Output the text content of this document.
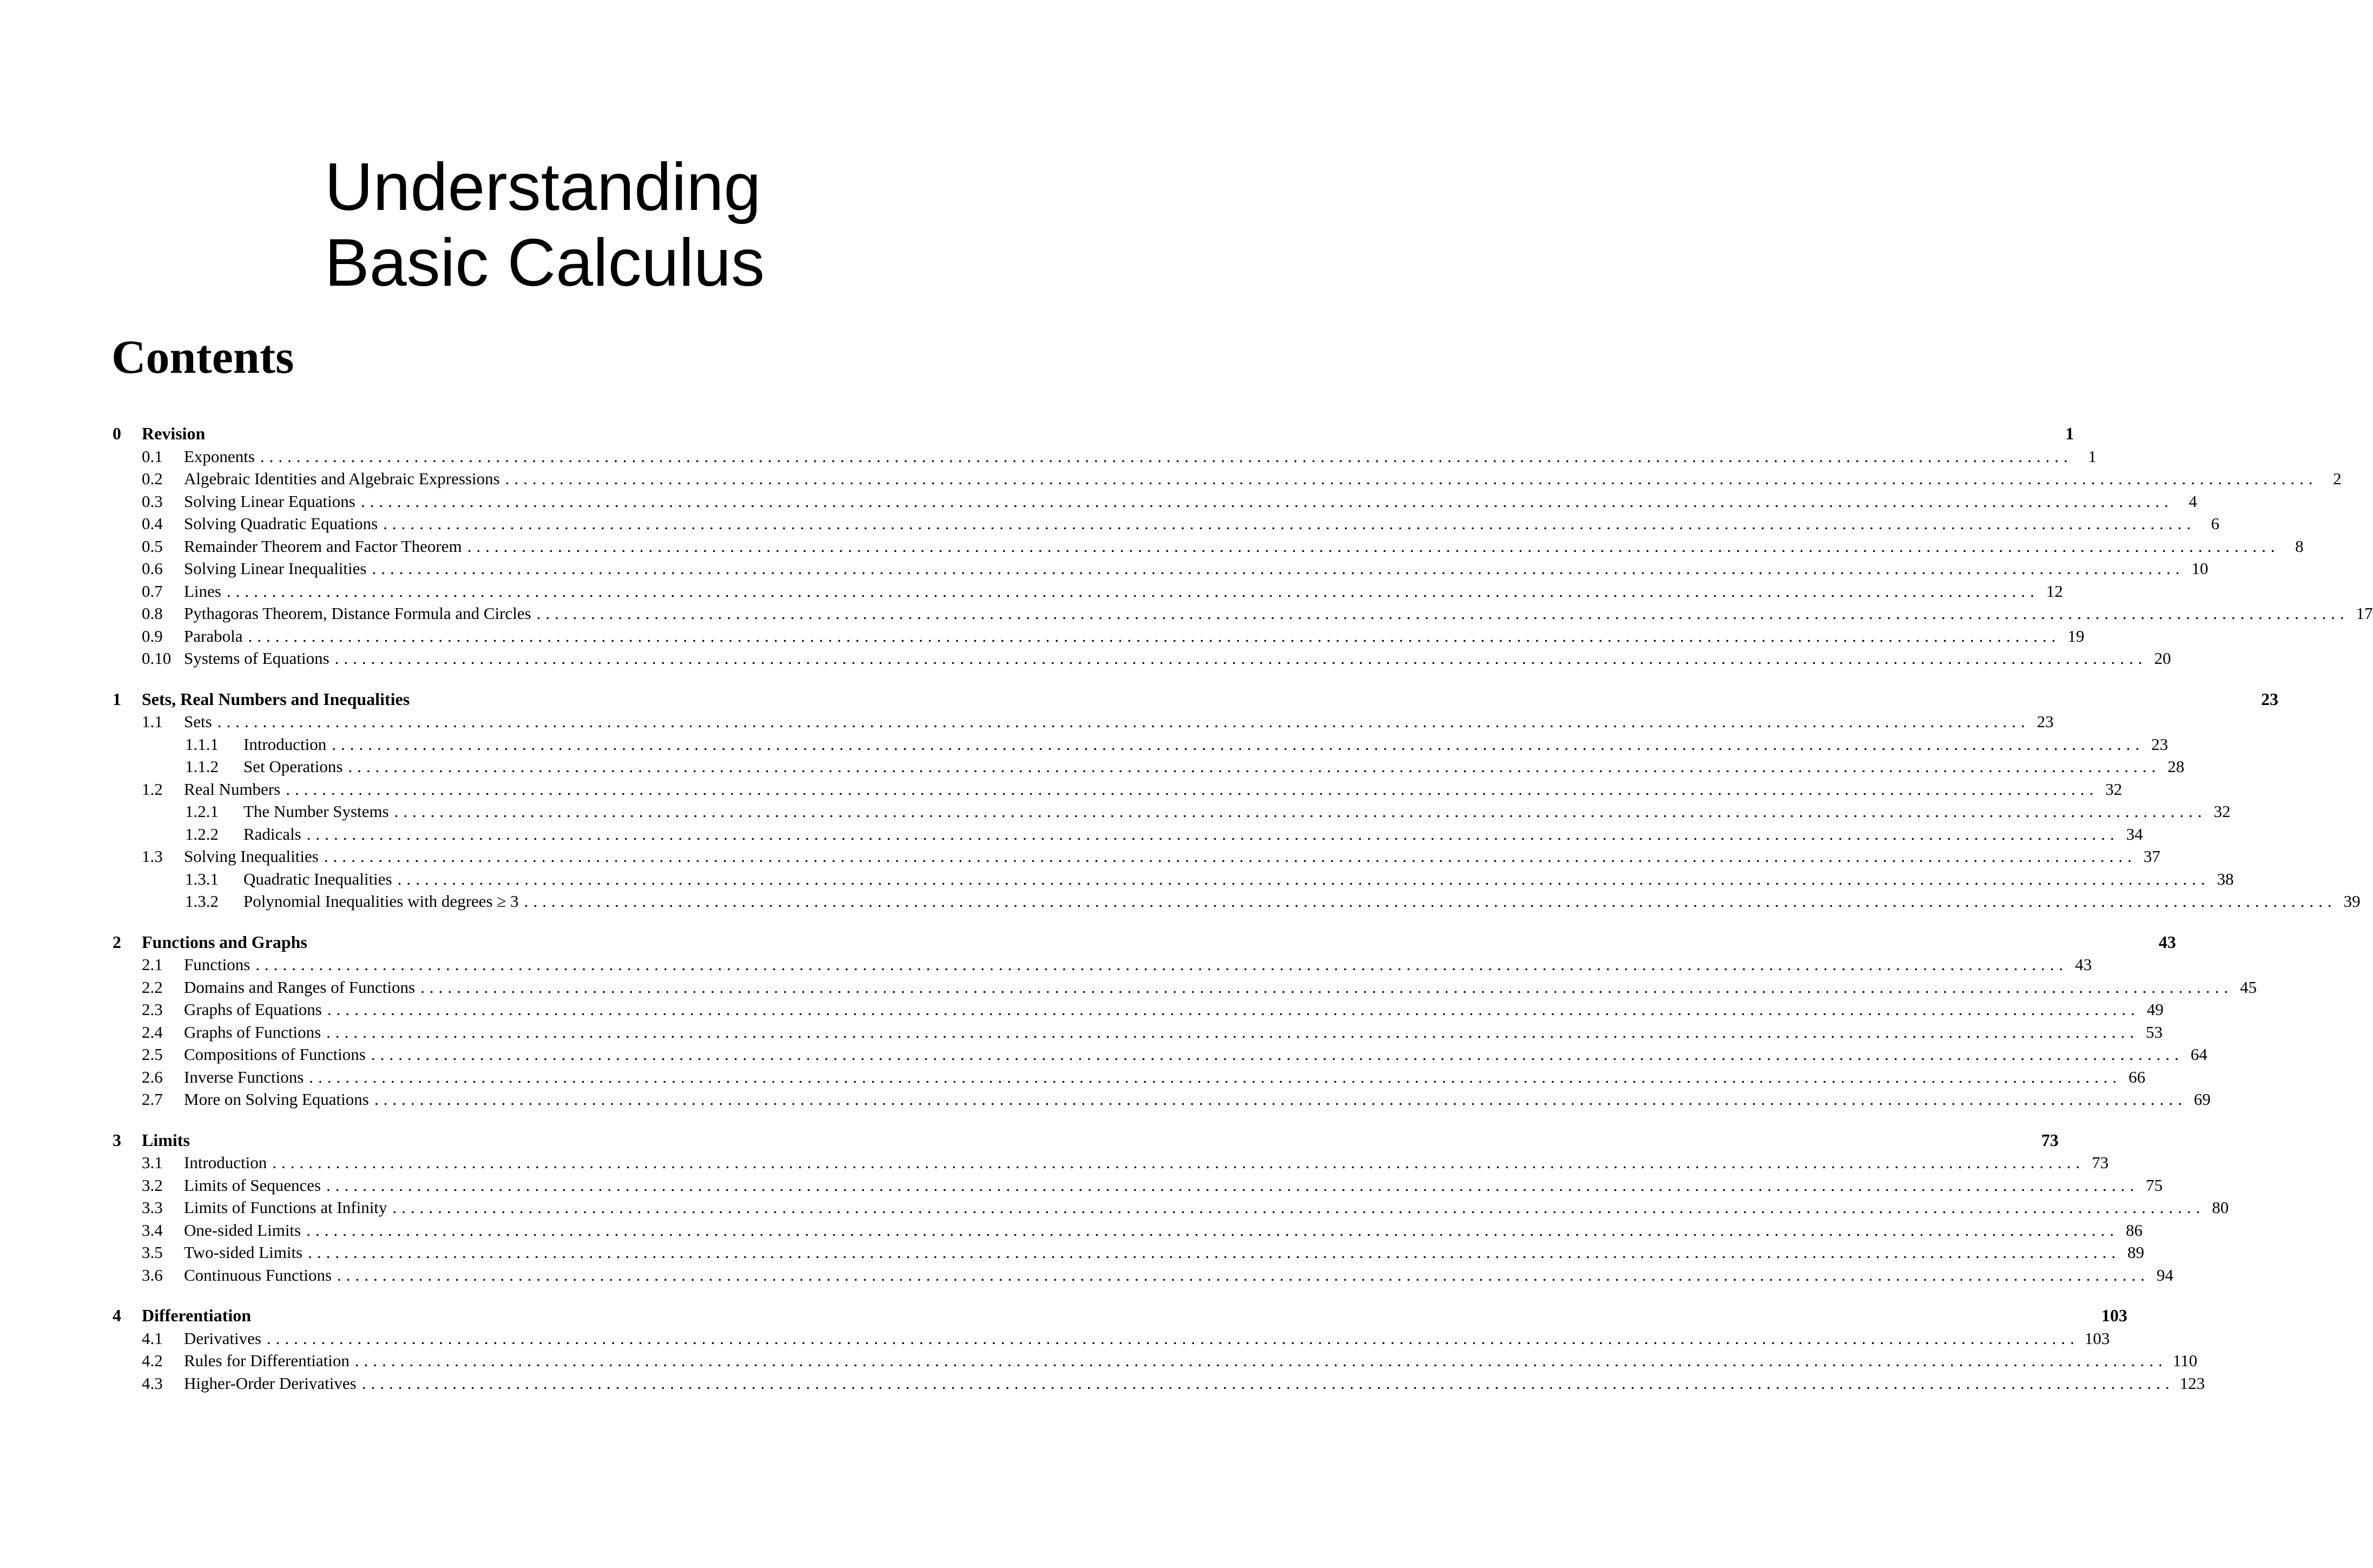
Understanding
Basic Calculus
Contents
0	Revision	1
0.1	Exponents ........................................................................................................................................................................................................ 1
0.2	Algebraic Identities and Algebraic Expressions ........................................................................................................................................................................................................ 2
0.3	Solving Linear Equations ........................................................................................................................................................................................................ 4
0.4	Solving Quadratic Equations ........................................................................................................................................................................................................ 6
0.5	Remainder Theorem and Factor Theorem ........................................................................................................................................................................................................ 8
0.6	Solving Linear Inequalities ........................................................................................................................................................................................................ 10
0.7	Lines ........................................................................................................................................................................................................ 12
0.8	Pythagoras Theorem, Distance Formula and Circles ........................................................................................................................................................................................................ 17
0.9	Parabola ........................................................................................................................................................................................................ 19
0.10 Systems of Equations ........................................................................................................................................................................................................ 20
1	Sets, Real Numbers and Inequalities	23
1.1	Sets ........................................................................................................................................................................................................ 23
1.1.1	Introduction ........................................................................................................................................................................................................ 23
1.1.2	Set Operations ........................................................................................................................................................................................................ 28
1.2	Real Numbers ........................................................................................................................................................................................................ 32
1.2.1	The Number Systems ........................................................................................................................................................................................................ 32
1.2.2	Radicals ........................................................................................................................................................................................................ 34
1.3	Solving Inequalities ........................................................................................................................................................................................................ 37
1.3.1	Quadratic Inequalities ........................................................................................................................................................................................................ 38
1.3.2	Polynomial Inequalities with degrees ≥ 3 ........................................................................................................................................................................................................ 39
2	Functions and Graphs	43
2.1	Functions ........................................................................................................................................................................................................ 43
2.2	Domains and Ranges of Functions ........................................................................................................................................................................................................ 45
2.3	Graphs of Equations ........................................................................................................................................................................................................ 49
2.4	Graphs of Functions ........................................................................................................................................................................................................ 53
2.5	Compositions of Functions ........................................................................................................................................................................................................ 64
2.6	Inverse Functions ........................................................................................................................................................................................................ 66
2.7	More on Solving Equations ........................................................................................................................................................................................................ 69
3	Limits	73
3.1	Introduction ........................................................................................................................................................................................................ 73
3.2	Limits of Sequences ........................................................................................................................................................................................................ 75
3.3	Limits of Functions at Infinity ........................................................................................................................................................................................................ 80
3.4	One-sided Limits ........................................................................................................................................................................................................ 86
3.5	Two-sided Limits ........................................................................................................................................................................................................ 89
3.6	Continuous Functions ........................................................................................................................................................................................................ 94
4	Differentiation	103
4.1	Derivatives ........................................................................................................................................................................................................ 103
4.2	Rules for Differentiation ........................................................................................................................................................................................................ 110
4.3	Higher-Order Derivatives ........................................................................................................................................................................................................ 123
